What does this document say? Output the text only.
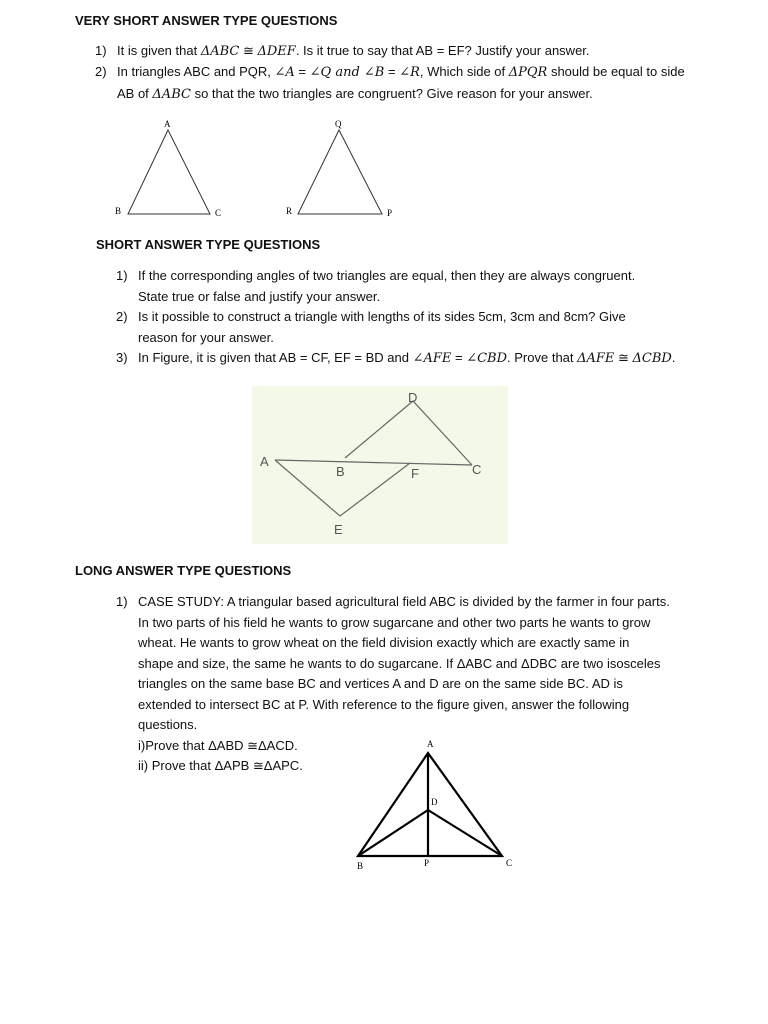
VERY SHORT ANSWER TYPE QUESTIONS
1) It is given that ΔABC ≅ ΔDEF. Is it true to say that AB = EF? Justify your answer.
2) In triangles ABC and PQR, ∠A = ∠Q and ∠B = ∠R, Which side of ΔPQR should be equal to side
AB of ΔABC so that the two triangles are congruent? Give reason for your answer.
A
B	C
Q
R	P
SHORT ANSWER TYPE QUESTIONS
1) If the corresponding angles of two triangles are equal, then they are always congruent.
State true or false and justify your answer.
2) Is it possible to construct a triangle with lengths of its sides 5cm, 3cm and 8cm? Give
reason for your answer.
3) In Figure, it is given that AB = CF, EF = BD and ∠AFE = ∠CBD. Prove that ΔAFE ≅ ΔCBD.
D
A
B	F	C
E
LONG ANSWER TYPE QUESTIONS
1) CASE STUDY: A triangular based agricultural field ABC is divided by the farmer in four parts.
In two parts of his field he wants to grow sugarcane and other two parts he wants to grow
wheat. He wants to grow wheat on the field division exactly which are exactly same in
shape and size, the same he wants to do sugarcane. If ΔABC and ΔDBC are two isosceles
triangles on the same base BC and vertices A and D are on the same side BC. AD is
extended to intersect BC at P. With reference to the figure given, answer the following
questions.
i)Prove that ΔABD ≅ΔACD.
ii) Prove that ΔAPB ≅ΔAPC.
A
D
B	P	C
